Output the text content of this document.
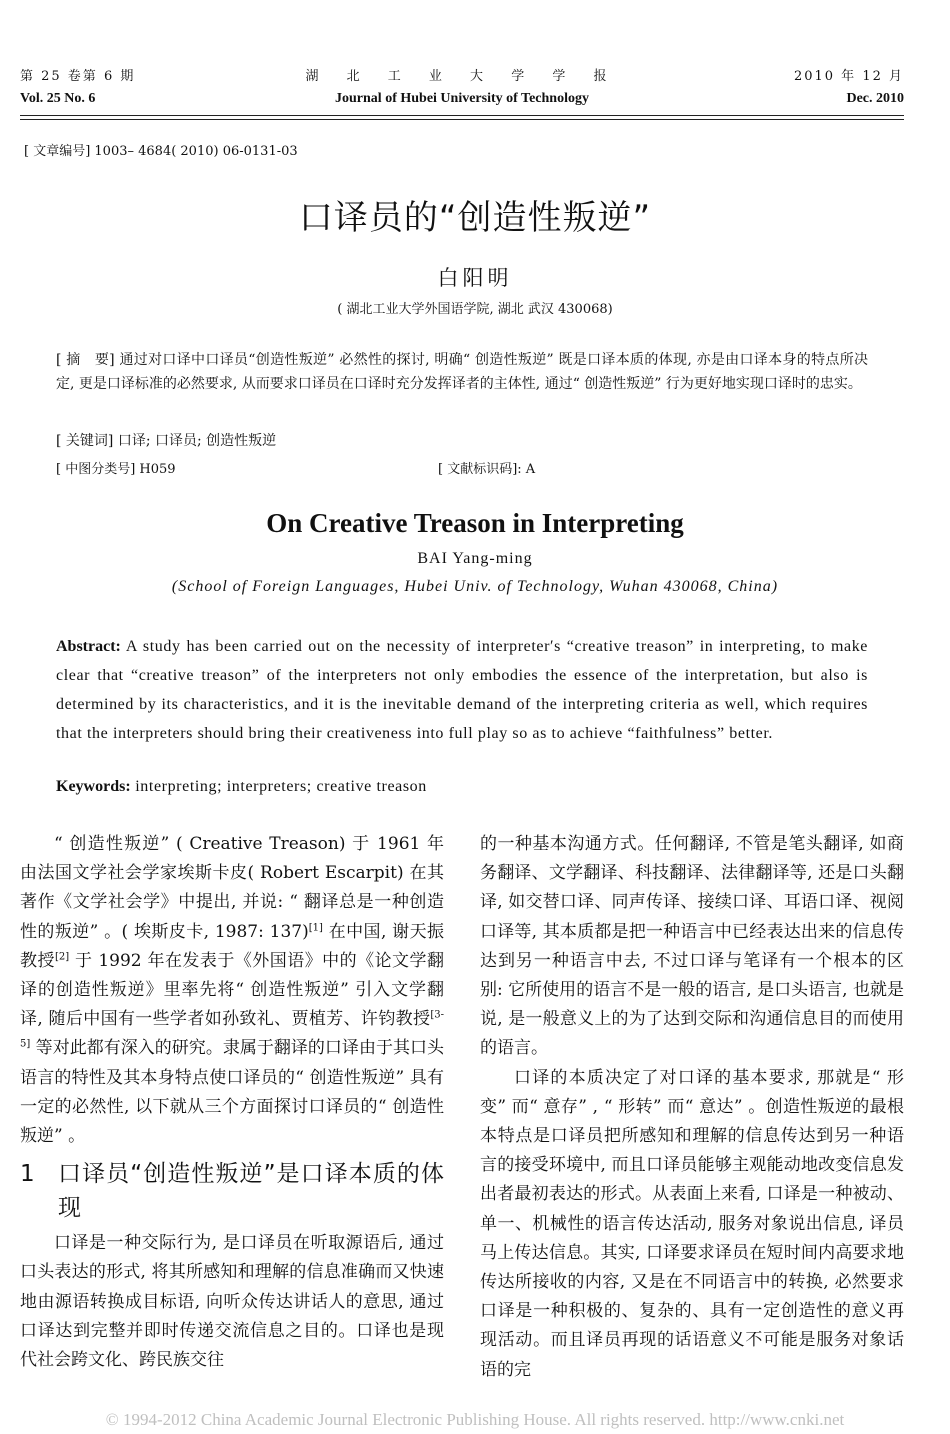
第 25 卷第 6 期
Vol. 25 No. 6
湖 北 工 业 大 学 学 报
Journal of Hubei University of Technology
2010 年 12 月
Dec. 2010
[ 文章编号] 1003– 4684( 2010) 06-0131-03
口译员的“创造性叛逆”
白阳明
( 湖北工业大学外国语学院, 湖北 武汉 430068)
[ 摘　要] 通过对口译中口译员“创造性叛逆” 必然性的探讨, 明确“ 创造性叛逆” 既是口译本质的体现, 亦是由口译本身的特点所决定, 更是口译标准的必然要求, 从而要求口译员在口译时充分发挥译者的主体性, 通过“ 创造性叛逆” 行为更好地实现口译时的忠实。
[ 关键词] 口译; 口译员; 创造性叛逆
[ 中图分类号] H059	[ 文献标识码]: A
On Creative Treason in Interpreting
BAI Yang-ming
(School of Foreign Languages, Hubei Univ. of Technology, Wuhan 430068, China)
Abstract: A study has been carried out on the necessity of interpreter′s “creative treason” in interpreting, to make clear that “creative treason” of the interpreters not only embodies the essence of the interpretation, but also is determined by its characteristics, and it is the inevitable demand of the interpreting criteria as well, which requires that the interpreters should bring their creativeness into full play so as to achieve “faithfulness” better.
Keywords: interpreting; interpreters; creative treason

“ 创造性叛逆” ( Creative Treason) 于 1961 年由法国文学社会学家埃斯卡皮( Robert Escarpit) 在其著作《文学社会学》中提出, 并说: “ 翻译总是一种创造性的叛逆” 。( 埃斯皮卡, 1987: 137)[1] 在中国, 谢天振教授[2] 于 1992 年在发表于《外国语》中的《论文学翻译的创造性叛逆》里率先将“ 创造性叛逆” 引入文学翻译, 随后中国有一些学者如孙致礼、贾植芳、许钧教授[3-5] 等对此都有深入的研究。隶属于翻译的口译由于其口头语言的特性及其本身特点使口译员的“ 创造性叛逆” 具有一定的必然性, 以下就从三个方面探讨口译员的“ 创造性叛逆” 。

1	口译员“创造性叛逆”是口译本质的体现

口译是一种交际行为, 是口译员在听取源语后, 通过口头表达的形式, 将其所感知和理解的信息准确而又快速地由源语转换成目标语, 向听众传达讲话人的意思, 通过口译达到完整并即时传递交流信息之目的。口译也是现代社会跨文化、跨民族交往

的一种基本沟通方式。任何翻译, 不管是笔头翻译, 如商务翻译、文学翻译、科技翻译、法律翻译等, 还是口头翻译, 如交替口译、同声传译、接续口译、耳语口译、视阅口译等, 其本质都是把一种语言中已经表达出来的信息传达到另一种语言中去, 不过口译与笔译有一个根本的区别: 它所使用的语言不是一般的语言, 是口头语言, 也就是说, 是一般意义上的为了达到交际和沟通信息目的而使用的语言。

口译的本质决定了对口译的基本要求, 那就是“ 形变” 而“ 意存” , “ 形转” 而“ 意达” 。创造性叛逆的最根本特点是口译员把所感知和理解的信息传达到另一种语言的接受环境中, 而且口译员能够主观能动地改变信息发出者最初表达的形式。从表面上来看, 口译是一种被动、单一、机械性的语言传达活动, 服务对象说出信息, 译员马上传达信息。其实, 口译要求译员在短时间内高要求地传达所接收的内容, 又是在不同语言中的转换, 必然要求口译是一种积极的、复杂的、具有一定创造性的意义再现活动。而且译员再现的话语意义不可能是服务对象话语的完

© 1994-2012 China Academic Journal Electronic Publishing House. All rights reserved. http://www.cnki.net
